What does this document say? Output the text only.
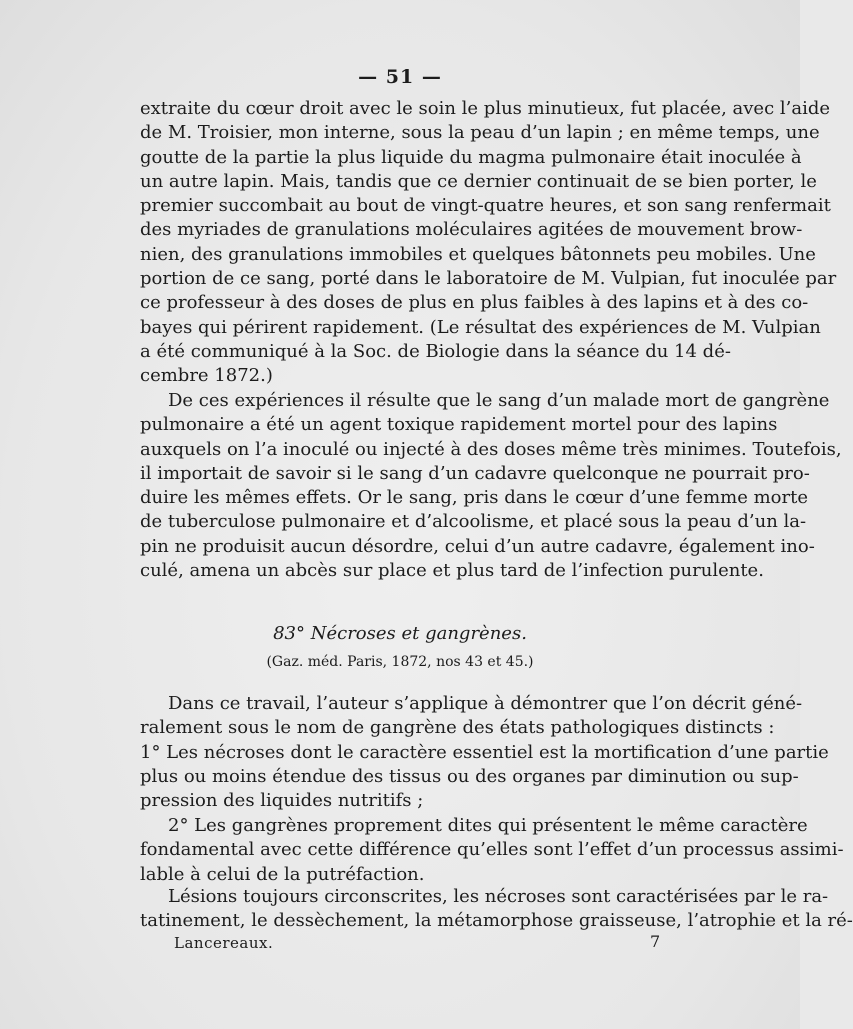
— 51 —
extraite du cœur droit avec le soin le plus minutieux, fut placée, avec l’aide
de M. Troisier, mon interne, sous la peau d’un lapin ; en même temps, une
goutte de la partie la plus liquide du magma pulmonaire était inoculée à
un autre lapin. Mais, tandis que ce dernier continuait de se bien porter, le
premier succombait au bout de vingt-quatre heures, et son sang renfermait
des myriades de granulations moléculaires agitées de mouvement brow-
nien, des granulations immobiles et quelques bâtonnets peu mobiles. Une
portion de ce sang, porté dans le laboratoire de M. Vulpian, fut inoculée par
ce professeur à des doses de plus en plus faibles à des lapins et à des co-
bayes qui périrent rapidement. (Le résultat des expériences de M. Vulpian
a été communiqué à la Soc. de Biologie dans la séance du 14 dé-
cembre 1872.)
De ces expériences il résulte que le sang d’un malade mort de gangrène
pulmonaire a été un agent toxique rapidement mortel pour des lapins
auxquels on l’a inoculé ou injecté à des doses même très minimes. Toutefois,
il importait de savoir si le sang d’un cadavre quelconque ne pourrait pro-
duire les mêmes effets. Or le sang, pris dans le cœur d’une femme morte
de tuberculose pulmonaire et d’alcoolisme, et placé sous la peau d’un la-
pin ne produisit aucun désordre, celui d’un autre cadavre, également ino-
culé, amena un abcès sur place et plus tard de l’infection purulente.
83° Nécroses et gangrènes.
(Gaz. méd. Paris, 1872, nos 43 et 45.)
Dans ce travail, l’auteur s’applique à démontrer que l’on décrit géné-
ralement sous le nom de gangrène des états pathologiques distincts :
1° Les nécroses dont le caractère essentiel est la mortification d’une partie
plus ou moins étendue des tissus ou des organes par diminution ou sup-
pression des liquides nutritifs ;
2° Les gangrènes proprement dites qui présentent le même caractère
fondamental avec cette différence qu’elles sont l’effet d’un processus assimi-
lable à celui de la putréfaction.
Lésions toujours circonscrites, les nécroses sont caractérisées par le ra-
tatinement, le dessèchement, la métamorphose graisseuse, l’atrophie et la ré-
Lancereaux.	7
